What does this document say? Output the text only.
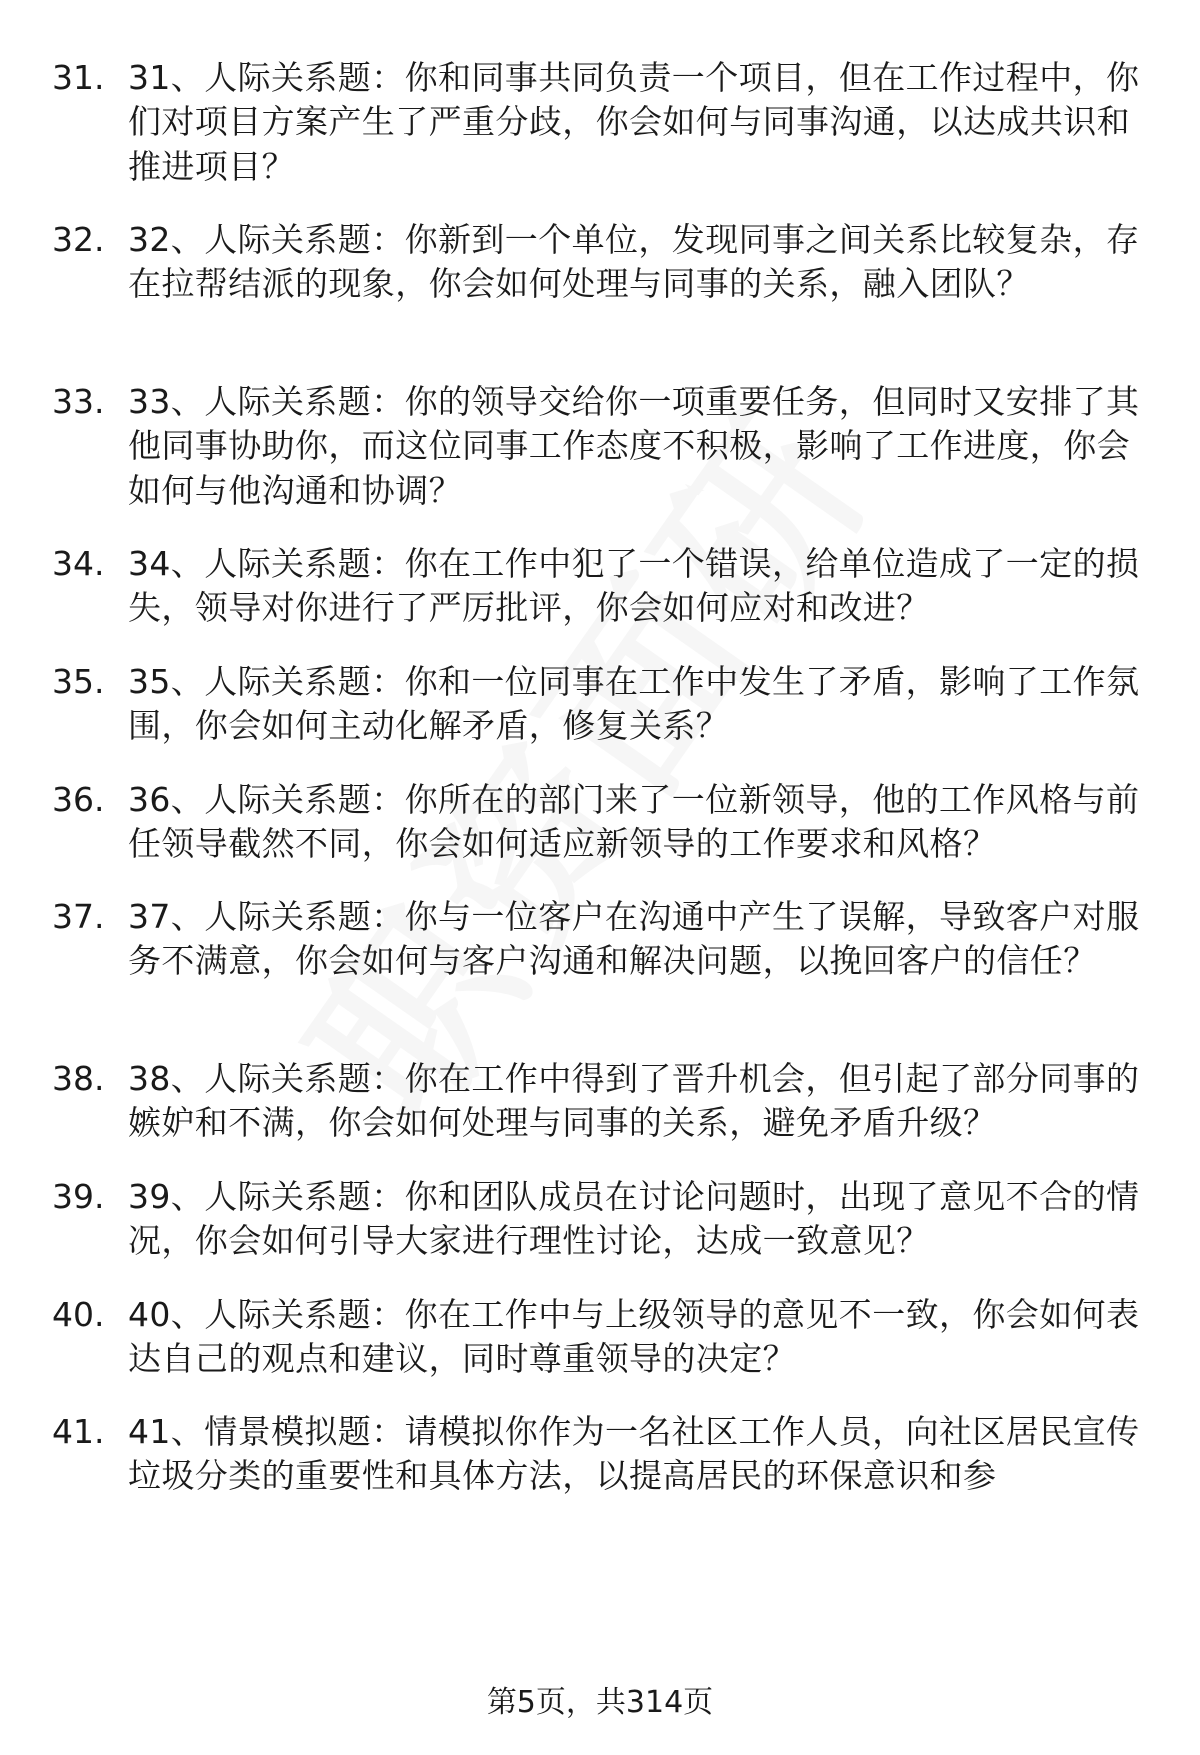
31. 31、人际关系题：你和同事共同负责一个项目，但在工作过程中，你们对项目方案产生了严重分歧，你会如何与同事沟通，以达成共识和推进项目？
32. 32、人际关系题：你新到一个单位，发现同事之间关系比较复杂，存在拉帮结派的现象，你会如何处理与同事的关系，融入团队？
33. 33、人际关系题：你的领导交给你一项重要任务，但同时又安排了其他同事协助你，而这位同事工作态度不积极，影响了工作进度，你会如何与他沟通和协调？
34. 34、人际关系题：你在工作中犯了一个错误，给单位造成了一定的损失，领导对你进行了严厉批评，你会如何应对和改进？
35. 35、人际关系题：你和一位同事在工作中发生了矛盾，影响了工作氛围，你会如何主动化解矛盾，修复关系？
36. 36、人际关系题：你所在的部门来了一位新领导，他的工作风格与前任领导截然不同，你会如何适应新领导的工作要求和风格？
37. 37、人际关系题：你与一位客户在沟通中产生了误解，导致客户对服务不满意，你会如何与客户沟通和解决问题，以挽回客户的信任？
38. 38、人际关系题：你在工作中得到了晋升机会，但引起了部分同事的嫉妒和不满，你会如何处理与同事的关系，避免矛盾升级？
39. 39、人际关系题：你和团队成员在讨论问题时，出现了意见不合的情况，你会如何引导大家进行理性讨论，达成一致意见？
40. 40、人际关系题：你在工作中与上级领导的意见不一致，你会如何表达自己的观点和建议，同时尊重领导的决定？
41. 41、情景模拟题：请模拟你作为一名社区工作人员，向社区居民宣传垃圾分类的重要性和具体方法，以提高居民的环保意识和参
第5页，共314页
